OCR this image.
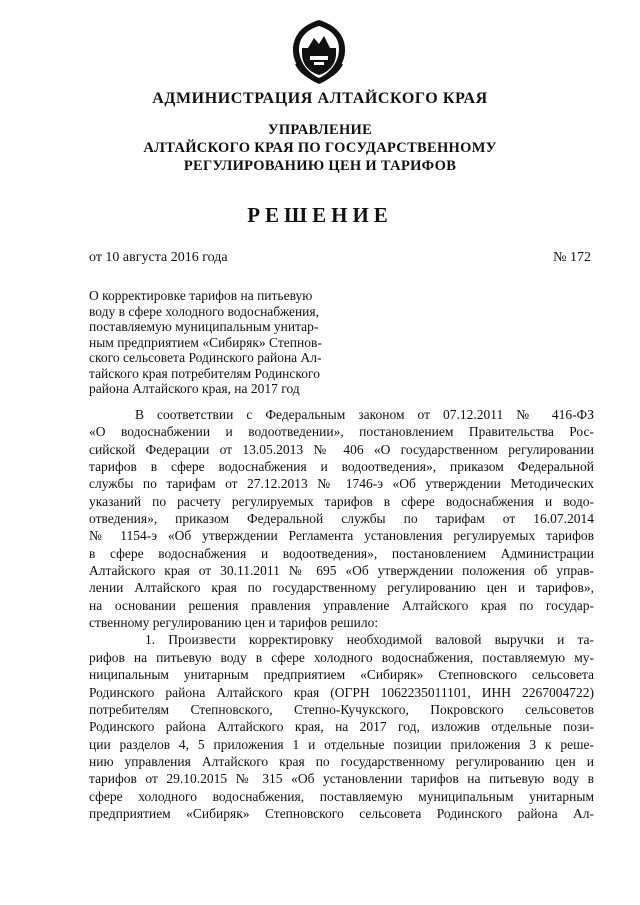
АДМИНИСТРАЦИЯ АЛТАЙСКОГО КРАЯ
УПРАВЛЕНИЕ
АЛТАЙСКОГО КРАЯ ПО ГОСУДАРСТВЕННОМУ
РЕГУЛИРОВАНИЮ ЦЕН И ТАРИФОВ
РЕШЕНИЕ
от 10 августа 2016 года	№ 172
О корректировке тарифов на питьевую
воду в сфере холодного водоснабжения,
поставляемую муниципальным унитар-
ным предприятием «Сибиряк» Степнов-
ского сельсовета Родинского района Ал-
тайского края потребителям Родинского
района Алтайского края, на 2017 год
В соответствии с Федеральным законом от 07.12.2011 № 416-ФЗ
«О водоснабжении и водоотведении», постановлением Правительства Рос-
сийской Федерации от 13.05.2013 № 406 «О государственном регулировании
тарифов в сфере водоснабжения и водоотведения», приказом Федеральной
службы по тарифам от 27.12.2013 № 1746-э «Об утверждении Методических
указаний по расчету регулируемых тарифов в сфере водоснабжения и водо-
отведения», приказом Федеральной службы по тарифам от 16.07.2014
№ 1154-э «Об утверждении Регламента установления регулируемых тарифов
в сфере водоснабжения и водоотведения», постановлением Администрации
Алтайского края от 30.11.2011 № 695 «Об утверждении положения об управ-
лении Алтайского края по государственному регулированию цен и тарифов»,
на основании решения правления управление Алтайского края по государ-
ственному регулированию цен и тарифов решило:
1. Произвести корректировку необходимой валовой выручки и та-
рифов на питьевую воду в сфере холодного водоснабжения, поставляемую му-
ниципальным унитарным предприятием «Сибиряк» Степновского сельсовета
Родинского района Алтайского края (ОГРН 1062235011101, ИНН 2267004722)
потребителям Степновского, Степно-Кучукского, Покровского сельсоветов
Родинского района Алтайского края, на 2017 год, изложив отдельные пози-
ции разделов 4, 5 приложения 1 и отдельные позиции приложения 3 к реше-
нию управления Алтайского края по государственному регулированию цен и
тарифов от 29.10.2015 № 315 «Об установлении тарифов на питьевую воду в
сфере холодного водоснабжения, поставляемую муниципальным унитарным
предприятием «Сибиряк» Степновского сельсовета Родинского района Ал-
